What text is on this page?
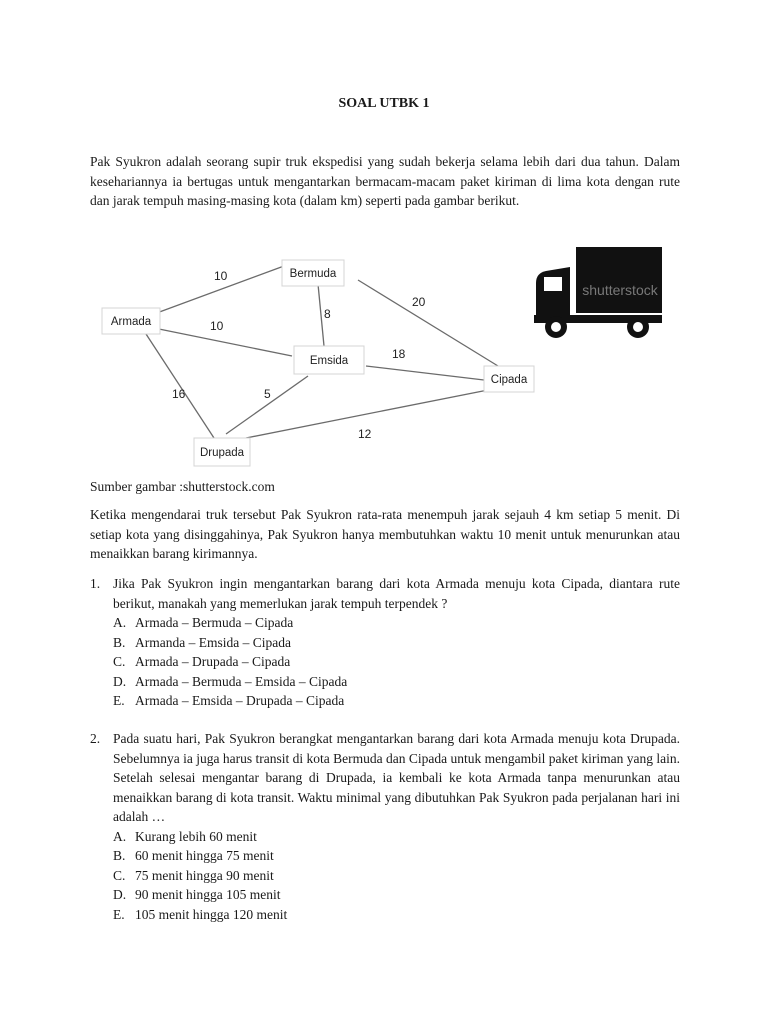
SOAL UTBK 1
Pak Syukron adalah seorang supir truk ekspedisi yang sudah bekerja selama lebih dari dua tahun. Dalam kesehariannya ia bertugas untuk mengantarkan bermacam-macam paket kiriman di lima kota dengan rute dan jarak tempuh masing-masing kota (dalam km) seperti pada gambar berikut.
Armada
Bermuda
Emsida
Cipada
Drupada
10
10
8
20
18
16	5
12
shutterstock
Sumber gambar :shutterstock.com
Ketika mengendarai truk tersebut Pak Syukron rata-rata menempuh jarak sejauh 4 km setiap 5 menit. Di setiap kota yang disinggahinya, Pak Syukron hanya membutuhkan waktu 10 menit untuk menurunkan atau menaikkan barang kirimannya.
1. Jika Pak Syukron ingin mengantarkan barang dari kota Armada menuju kota Cipada, diantara rute berikut, manakah yang memerlukan jarak tempuh terpendek ?
A. Armada – Bermuda – Cipada
B. Armanda – Emsida – Cipada
C. Armada – Drupada – Cipada
D. Armada – Bermuda – Emsida – Cipada
E. Armada – Emsida – Drupada – Cipada
2. Pada suatu hari, Pak Syukron berangkat mengantarkan barang dari kota Armada menuju kota Drupada. Sebelumnya ia juga harus transit di kota Bermuda dan Cipada untuk mengambil paket kiriman yang lain. Setelah selesai mengantar barang di Drupada, ia kembali ke kota Armada tanpa menurunkan atau menaikkan barang di kota transit. Waktu minimal yang dibutuhkan Pak Syukron pada perjalanan hari ini adalah …
A. Kurang lebih 60 menit
B. 60 menit hingga 75 menit
C. 75 menit hingga 90 menit
D. 90 menit hingga 105 menit
E. 105 menit hingga 120 menit
